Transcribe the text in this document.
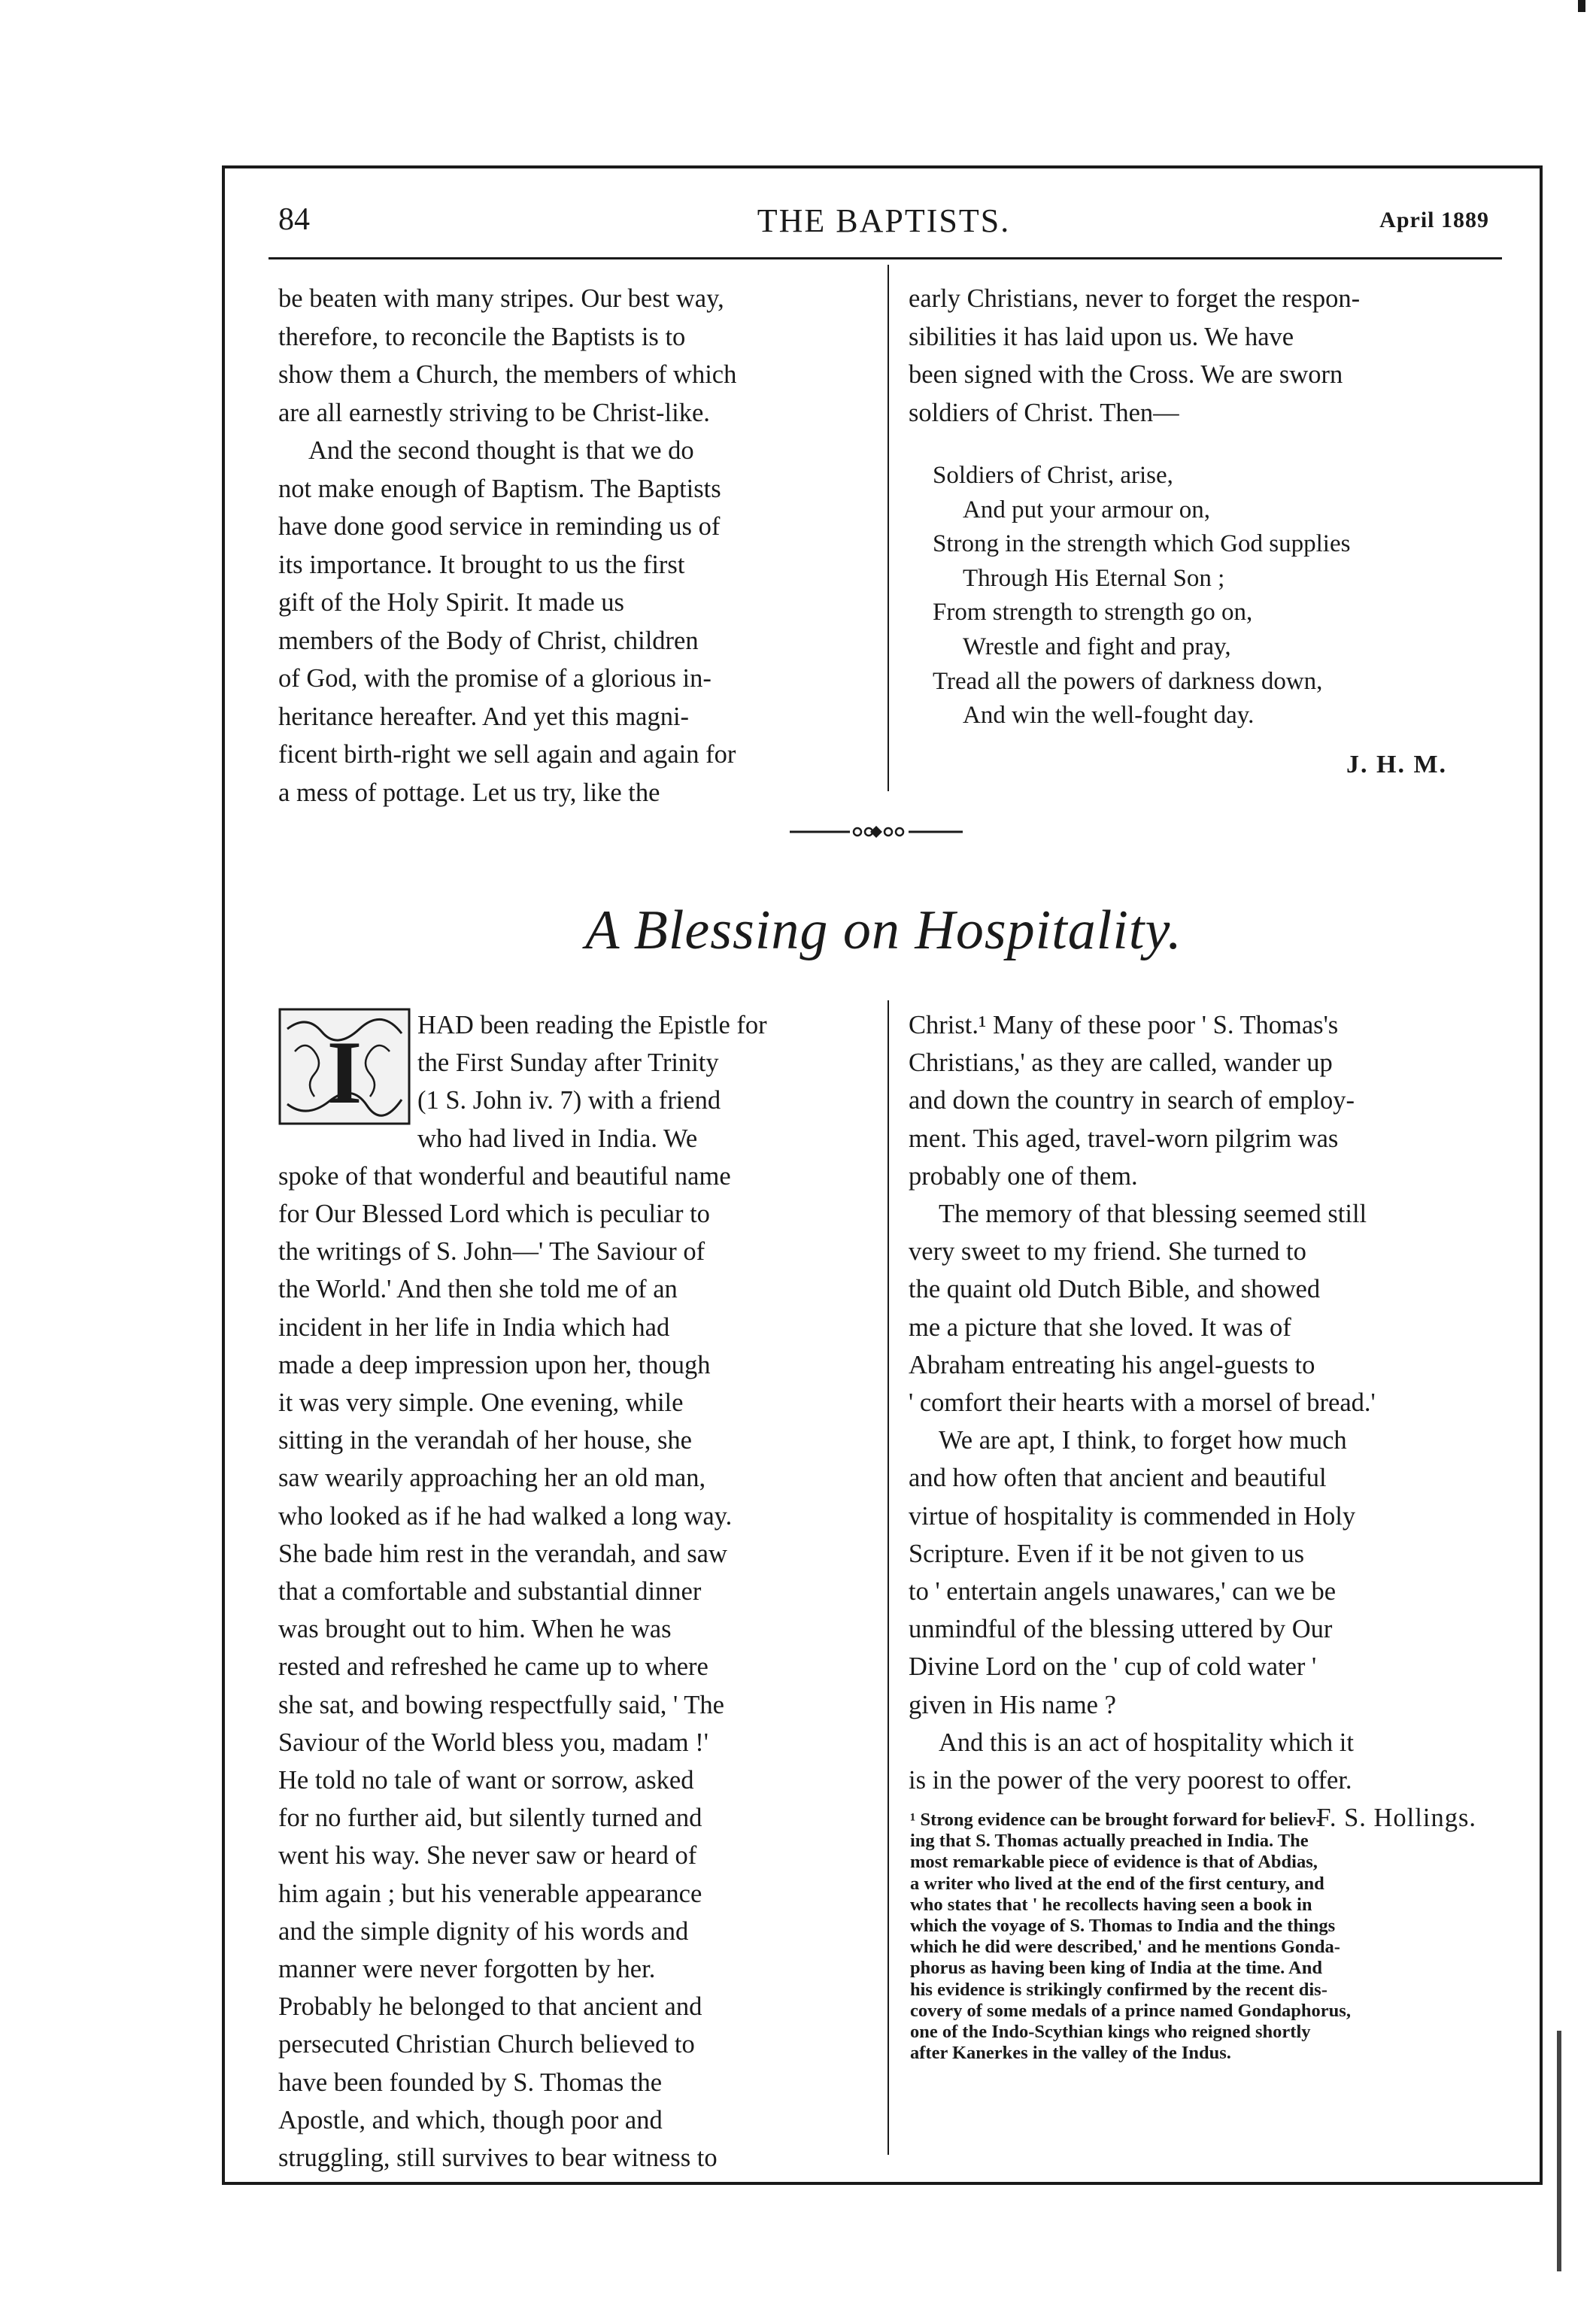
84	THE BAPTISTS.	April 1889

be beaten with many stripes. Our best way,

therefore, to reconcile the Baptists is to

show them a Church, the members of which

are all earnestly striving to be Christ-like.

And the second thought is that we do

not make enough of Baptism. The Baptists

have done good service in reminding us of

its importance. It brought to us the first

gift of the Holy Spirit. It made us

members of the Body of Christ, children

of God, with the promise of a glorious in-

heritance hereafter. And yet this magni-

ficent birth-right we sell again and again for

a mess of pottage. Let us try, like the

early Christians, never to forget the respon-

sibilities it has laid upon us. We have

been signed with the Cross. We are sworn

soldiers of Christ. Then—

Soldiers of Christ, arise,
And put your armour on,
Strong in the strength which God supplies
Through His Eternal Son ;
From strength to strength go on,
Wrestle and fight and pray,
Tread all the powers of darkness down,
And win the well-fought day.
J. H. M.
A Blessing on Hospitality.
I	HAD been reading the Epistle for

the First Sunday after Trinity

(1 S. John iv. 7) with a friend

who had lived in India. We

spoke of that wonderful and beautiful name

for Our Blessed Lord which is peculiar to

the writings of S. John—' The Saviour of

the World.' And then she told me of an

incident in her life in India which had

made a deep impression upon her, though

it was very simple. One evening, while

sitting in the verandah of her house, she

saw wearily approaching her an old man,

who looked as if he had walked a long way.

She bade him rest in the verandah, and saw

that a comfortable and substantial dinner

was brought out to him. When he was

rested and refreshed he came up to where

she sat, and bowing respectfully said, ' The

Saviour of the World bless you, madam !'

He told no tale of want or sorrow, asked

for no further aid, but silently turned and

went his way. She never saw or heard of

him again ; but his venerable appearance

and the simple dignity of his words and

manner were never forgotten by her.

Probably he belonged to that ancient and

persecuted Christian Church believed to

have been founded by S. Thomas the

Apostle, and which, though poor and

struggling, still survives to bear witness to

Christ.¹ Many of these poor ' S. Thomas's

Christians,' as they are called, wander up

and down the country in search of employ-

ment. This aged, travel-worn pilgrim was

probably one of them.

The memory of that blessing seemed still

very sweet to my friend. She turned to

the quaint old Dutch Bible, and showed

me a picture that she loved. It was of

Abraham entreating his angel-guests to

' comfort their hearts with a morsel of bread.'

We are apt, I think, to forget how much

and how often that ancient and beautiful

virtue of hospitality is commended in Holy

Scripture. Even if it be not given to us

to ' entertain angels unawares,' can we be

unmindful of the blessing uttered by Our

Divine Lord on the ' cup of cold water '

given in His name ?

And this is an act of hospitality which it

is in the power of the very poorest to offer.

F. S. Hollings.

¹ Strong evidence can be brought forward for believ-
ing that S. Thomas actually preached in India. The
most remarkable piece of evidence is that of Abdias,
a writer who lived at the end of the first century, and
who states that ' he recollects having seen a book in
which the voyage of S. Thomas to India and the things
which he did were described,' and he mentions Gonda-
phorus as having been king of India at the time. And
his evidence is strikingly confirmed by the recent dis-
covery of some medals of a prince named Gondaphorus,
one of the Indo-Scythian kings who reigned shortly
after Kanerkes in the valley of the Indus.
